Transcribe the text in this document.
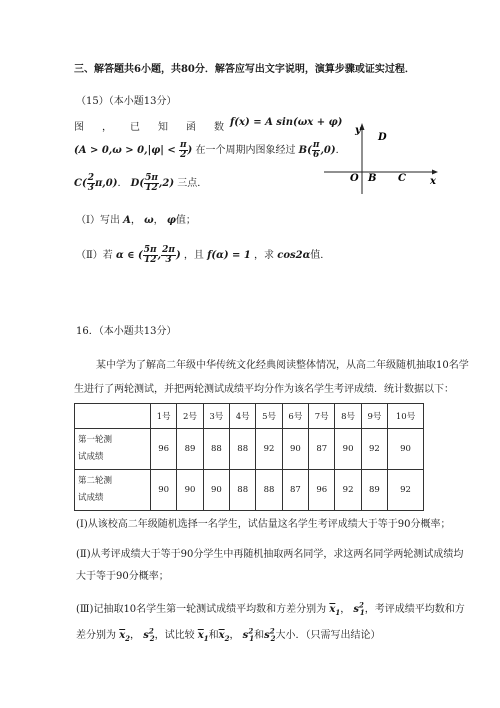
三、解答题共6小题，共80分．解答应写出文字说明，演算步骤或证实过程．
（15）（本小题13分）
图 ， 已 知 函 数 f(x) = A sin(ωx + φ)
($A > 0,\omega > 0,|\varphi| < \frac{\pi}{2}$ ) 在一个周期内图象经过 $B( \frac{\pi}{6} ,0)$．
$C( \frac{2}{3} \pi,0)$． $D( \frac{5\pi}{12} ,2)$ 三点．
（Ⅰ）写出 A， ω， φ值；
（Ⅱ）若 α ∈ ( $\frac{5\pi}{12}$ , $\frac{2\pi}{3}$ ) ，且 f(α) = 1 ，求 cos2α值．
y
x
O B C
D
16．（本小题共13分）
某中学为了解高二年级中华传统文化经典阅读整体情况，从高二年级随机抽取10名学
生进行了两轮测试，并把两轮测试成绩平均分作为该名学生考评成绩．统计数据以下：
	1号	2号	3号	4号	5号	6号	7号	8号	9号	10号
第一轮测
试成绩	96	89	88	88	92	90	87	90	92	90
第二轮测
试成绩	90	90	90	88	88	87	96	92	89	92
(Ⅰ)从该校高二年级随机选择一名学生，试估量这名学生考评成绩大于等于90分概率；
(Ⅱ)从考评成绩大于等于90分学生中再随机抽取两名同学，求这两名同学两轮测试成绩均
大于等于90分概率；
(Ⅲ)记抽取10名学生第一轮测试成绩平均数和方差分别为 $\overline{x}_1$， $s^2_1$，考评成绩平均数和方
差分别为 $\overline{x}_2$， $s^2_2$，试比较 $\overline{x}_1$和$\overline{x}_2$， $s^2_1$和$s^2_2$大小．（只需写出结论）
